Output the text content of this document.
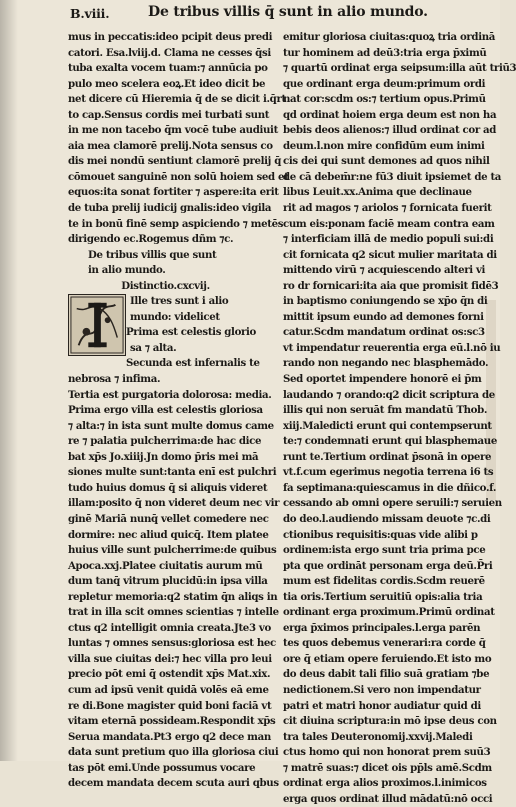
B.viii.	De tribus villis q̄ sunt in alio mundo.
mus in peccatis:ideo pcipit deus predi
catori. Esa.lviij.d. Clama ne cesses q̄si
tuba exalta vocem tuam:⁊ annūcia po
pulo meo scelera eoꝝ.Et ideo dicit be
net dicere cū Hieremia q̄ de se dicit i.q̄rt
to cap.Sensus cordis mei turbati sunt
in me non tacebo q̄m vocē tube audiuit
aia mea clamorē prelij.Nota sensus co
dis mei nondū sentiunt clamorē prelij q̄
cōmouet sanguinē non solū hoiem sed et
equos:ita sonat fortiter ⁊ aspere:ita erit
de tuba prelij iudicij gnalis:ideo vigila
te in bonū finē semp aspiciendo ⁊ metēs
dirigendo ec.Rogemus dñm ⁊c.
De tribus villis que sunt
in alio mundo.
Distinctio.cxcvij.
Ille tres sunt i alio
mundo: videlicet
Prima est celestis glorio
sa ⁊ alta.
Secunda est infernalis te
nebrosa ⁊ infima.
Tertia est purgatoria dolorosa: media.
Prima ergo villa est celestis gloriosa
⁊ alta:⁊ in ista sunt multe domus came
re ⁊ palatia pulcherrima:de hac dice
bat xp̄s Jo.xiiij.Jn domo p̄ris mei mā
siones multe sunt:tanta enī est pulchri
tudo huius domus q̄ si aliquis videret
illam:posito q̄ non videret deum nec vir
ginē Mariā nunq̄ vellet comedere nec
dormire: nec aliud quicq̄. Item platee
huius ville sunt pulcherrime:de quibus
Apoca.xxj.Platee ciuitatis aurum mū
dum tanq̄ vitrum plucidū:in ipsa villa
repletur memoria:q2 statim q̄n aliqs in
trat in illa scit omnes scientias ⁊ intelle
ctus q2 intelligit omnia creata.Jte3 vo
luntas ⁊ omnes sensus:gloriosa est hec
villa sue ciuitas dei:⁊ hec villa pro leui
precio pōt emi q̄̄ ostendit xp̄s Mat.xix.
cum ad ipsū venit quidā volēs eā eme
re di.Bone magister quid boni faciā vt
vitam eternā possideam.Respondit xp̄s
Serua mandata.Pt3 ergo q2 dece man
data sunt pretium quo illa gloriosa ciui
tas pōt emi.Unde possumus vocare
decem mandata decem scuta auri qbus
emitur gloriosa ciuitas:quoꝝ tria ordinā
tur hominem ad deū3:tria erga p̄ximū
⁊ quartū ordinat erga seipsum:illa aūt triū3
que ordinant erga deum:primum ordi
nat cor:scdm os:⁊ tertium opus.Primū
qd ordinat hoiem erga deum est non ha
bebis deos alienos:⁊ illud ordinat cor ad
deum.l.non mire confidūm eum inimi
cis dei qui sunt demones ad quos nihil
de cā debem̄r:ne fū3 diuit ipsiemet de ta
libus Leuit.xx.Anima que declinaue
rit ad magos ⁊ ariolos ⁊ fornicata fuerit
cum eis:ponam faciē meam contra eam
⁊ interficiam illā de medio populi sui:di
cit fornicata q2 sicut mulier maritata di
mittendo virū ⁊ acquiescendo alteri vi
ro dr fornicari:ita aia que promisit fidē3
in baptismo coniungendo se xp̄o q̄n di
mittit ipsum eundo ad demones forni
catur.Scdm mandatum ordinat os:sc3
vt impendatur reuerentia erga eū.l.nō iu
rando non negando nec blasphemādo.
Sed oportet impendere honorē ei p̄m
laudando ⁊ orando:q2 dicit scriptura de
illis qui non seruāt fm mandatū Thob.
xiij.Maledicti erunt qui contempserunt
te:⁊ condemnati erunt qui blasphemaue
runt te.Tertium ordinat p̄sonā in opere
vt.f.cum egerimus negotia terrena i6 ts
fa septimana:quiescamus in die dñico.f.
cessando ab omni opere seruili:⁊ seruien
do deo.l.audiendo missam deuote ⁊c.di
ctionibus requisitis:quas vide alibi p
ordinem:ista ergo sunt tria prima pce
pta que ordināt personam erga deū.P̄ri
mum est fidelitas cordis.Scdm reuerē
tia oris.Tertium seruitiū opis:alia tria
ordinant erga proximum.Primū ordinat
erga p̄ximos principales.l.erga parēn
tes quos debemus venerari:ra corde q̄
ore q̄ etiam opere feruiendo.Et isto mo
do deus dabit tali filio suā gratiam ⁊be
nedictionem.Si vero non impendatur
patri et matri honor audiatur quid di
cit diuina scriptura:in mō ipse deus con
tra tales Deuteronomij.xxvij.Maledi
ctus homo qui non honorat prem suū3
⁊ matrē suas:⁊ dicet ois pp̄ls amē.Scdm
ordinat erga alios proximos.l.inimicos
erga quos ordinat illud mādatū:nō occi
